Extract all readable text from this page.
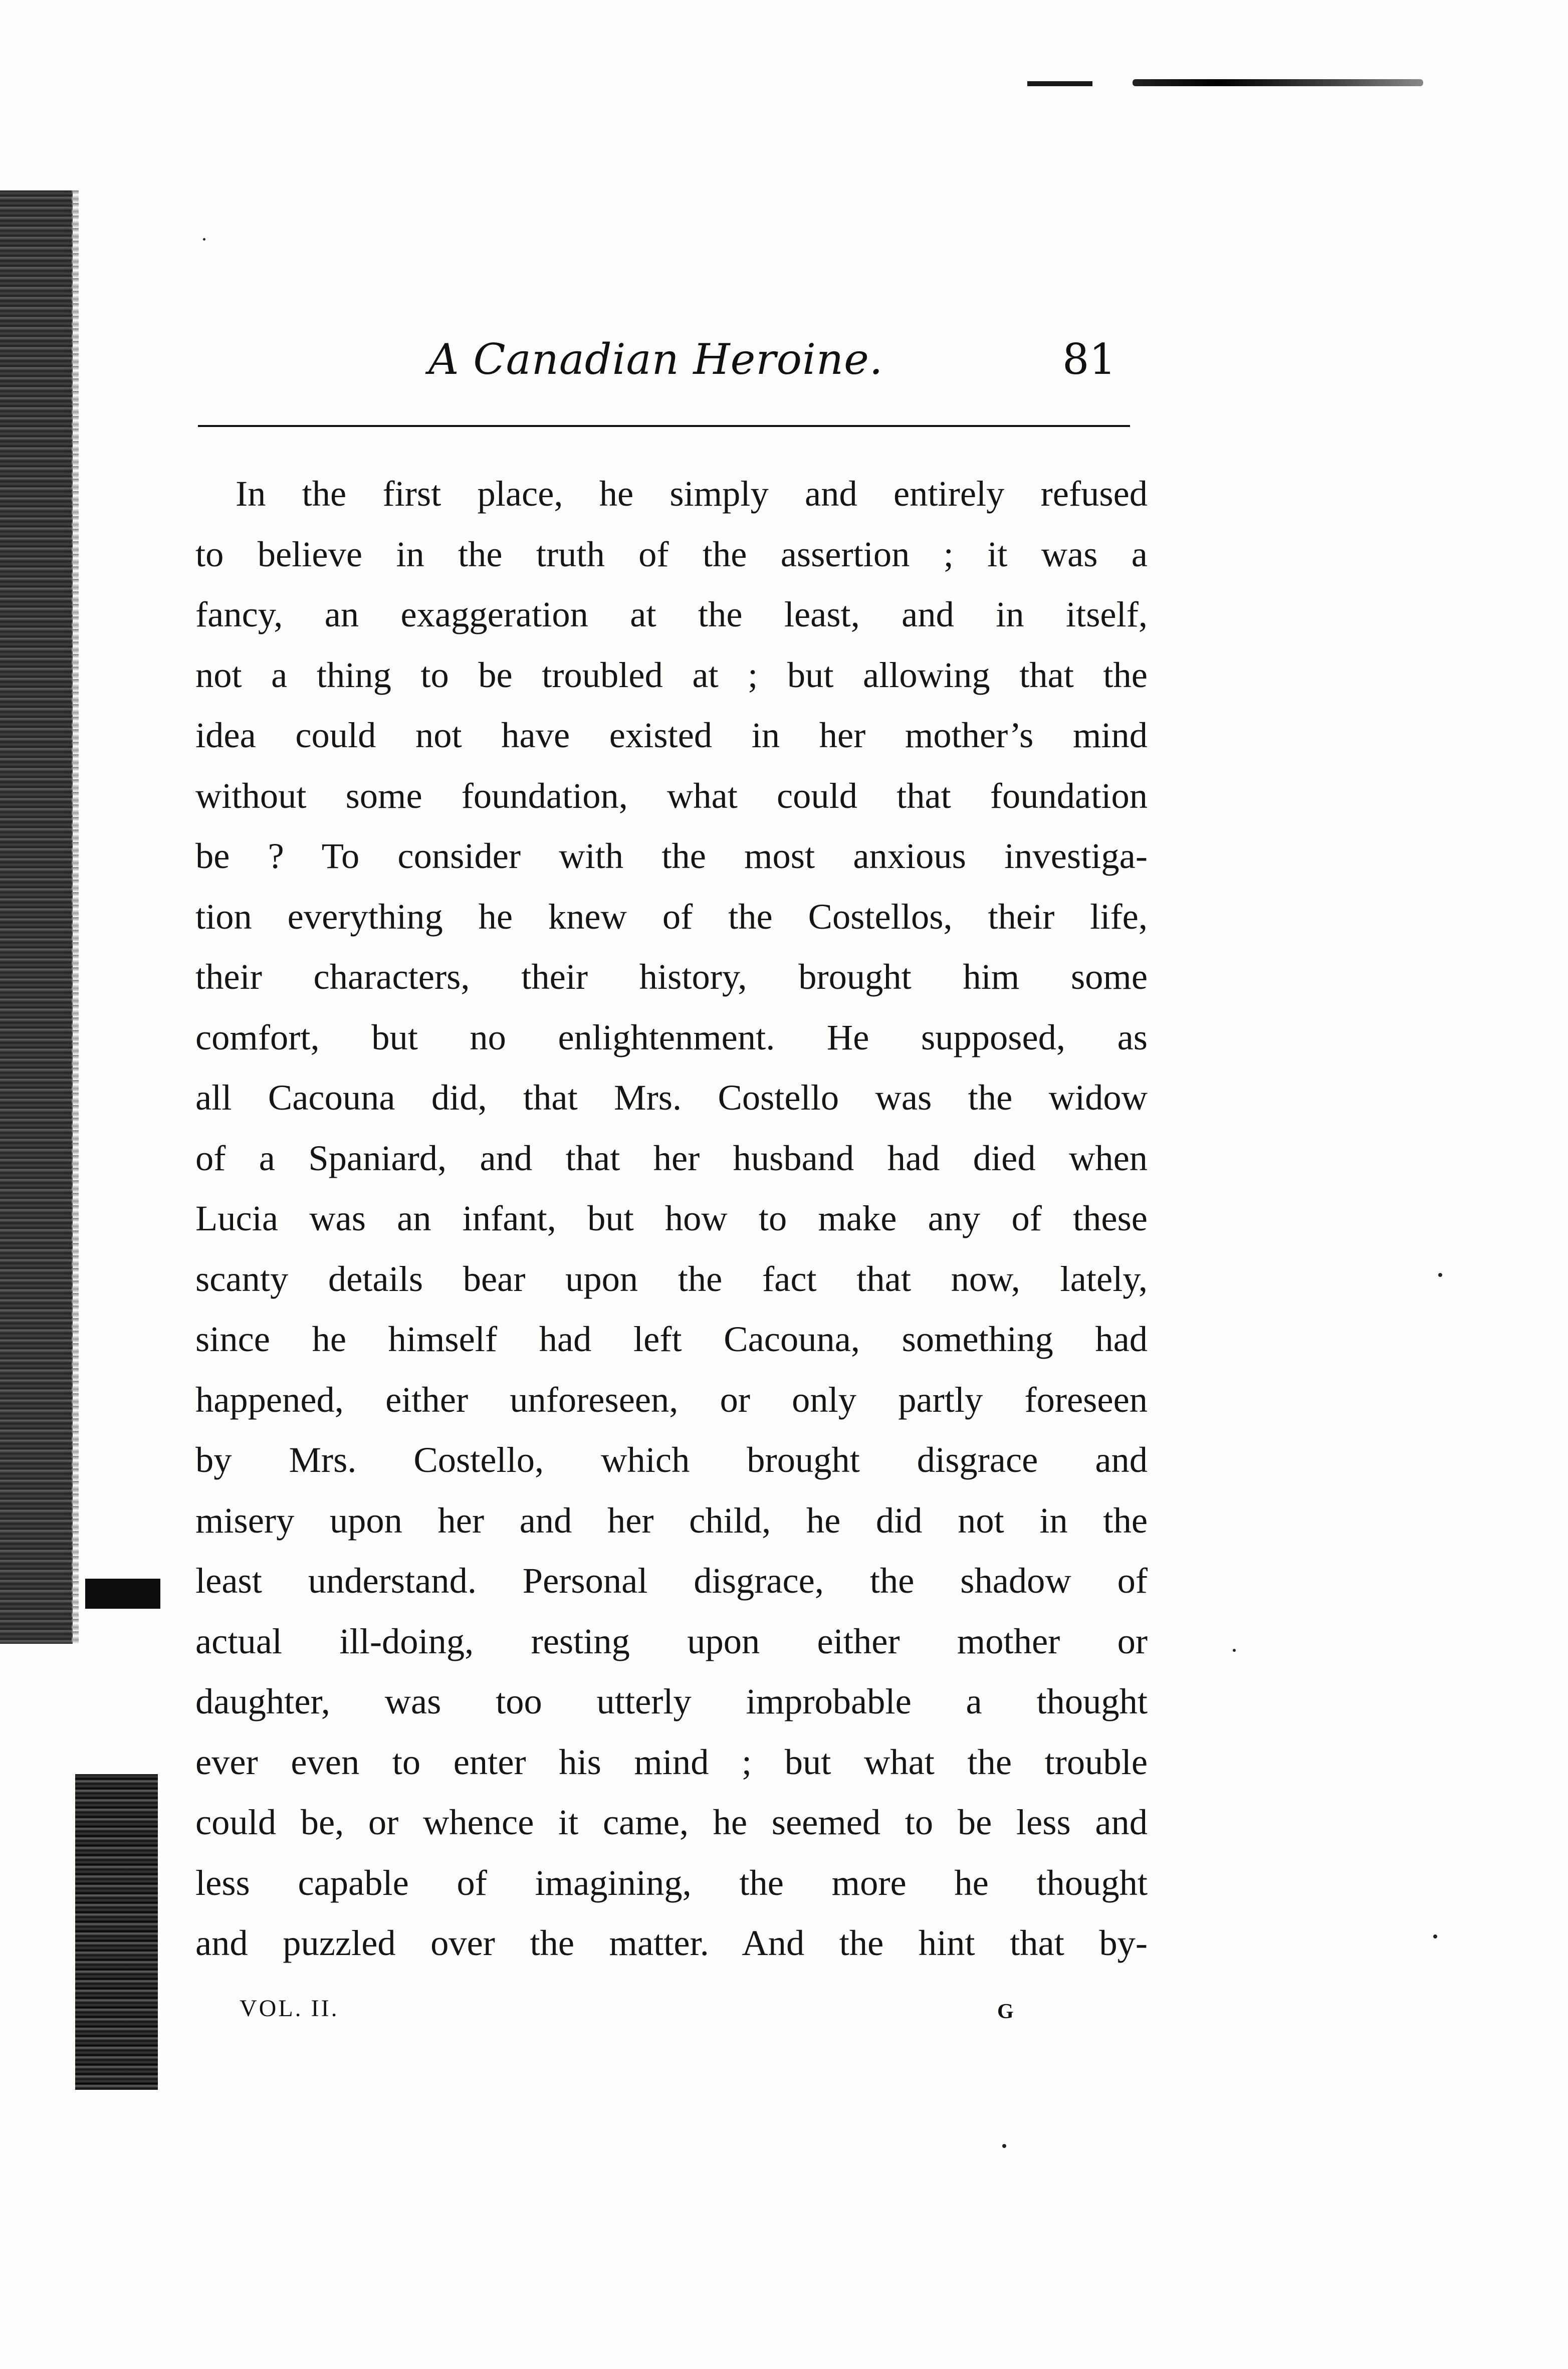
A Canadian Heroine.	81
In the first place, he simply and entirely refused
to believe in the truth of the assertion ; it was a
fancy, an exaggeration at the least, and in itself,
not a thing to be troubled at ; but allowing that the
idea could not have existed in her mother’s mind
without some foundation, what could that foundation
be ? To consider with the most anxious investiga-
tion everything he knew of the Costellos, their life,
their characters, their history, brought him some
comfort, but no enlightenment. He supposed, as
all Cacouna did, that Mrs. Costello was the widow
of a Spaniard, and that her husband had died when
Lucia was an infant, but how to make any of these
scanty details bear upon the fact that now, lately,
since he himself had left Cacouna, something had
happened, either unforeseen, or only partly foreseen
by Mrs. Costello, which brought disgrace and
misery upon her and her child, he did not in the
least understand. Personal disgrace, the shadow of
actual ill-doing, resting upon either mother or
daughter, was too utterly improbable a thought
ever even to enter his mind ; but what the trouble
could be, or whence it came, he seemed to be less and
less capable of imagining, the more he thought
and puzzled over the matter. And the hint that by-
VOL. II.	G
